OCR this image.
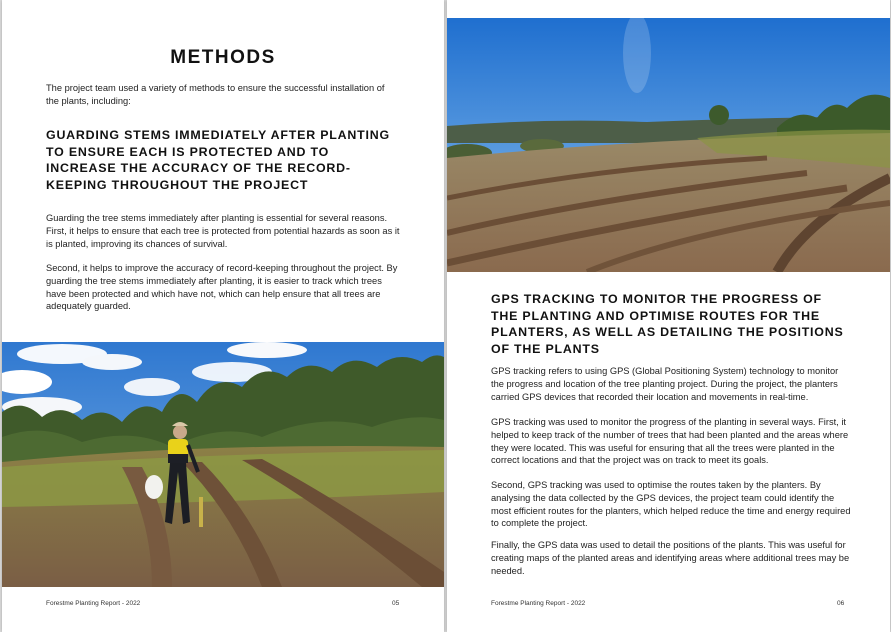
METHODS

The project team used a variety of methods to ensure the successful installation of the plants, including:

GUARDING STEMS IMMEDIATELY AFTER PLANTING TO ENSURE EACH IS PROTECTED AND TO INCREASE THE ACCURACY OF THE RECORD-KEEPING THROUGHOUT THE PROJECT

Guarding the tree stems immediately after planting is essential for several reasons. First, it helps to ensure that each tree is protected from potential hazards as soon as it is planted, improving its chances of survival.

Second, it helps to improve the accuracy of record-keeping throughout the project. By guarding the tree stems immediately after planting, it is easier to track which trees have been protected and which have not, which can help ensure that all trees are adequately guarded.

Forestme Planting Report - 2022	05
GPS TRACKING TO MONITOR THE PROGRESS OF THE PLANTING AND OPTIMISE ROUTES FOR THE PLANTERS, AS WELL AS DETAILING THE POSITIONS OF THE PLANTS

GPS tracking refers to using GPS (Global Positioning System) technology to monitor the progress and location of the tree planting project. During the project, the planters carried GPS devices that recorded their location and movements in real-time.

GPS tracking was used to monitor the progress of the planting in several ways. First, it helped to keep track of the number of trees that had been planted and the areas where they were located. This was useful for ensuring that all the trees were planted in the correct locations and that the project was on track to meet its goals.

Second, GPS tracking was used to optimise the routes taken by the planters. By analysing the data collected by the GPS devices, the project team could identify the most efficient routes for the planters, which helped reduce the time and energy required to complete the project.

Finally, the GPS data was used to detail the positions of the plants. This was useful for creating maps of the planted areas and identifying areas where additional trees may be needed.

Forestme Planting Report - 2022	06
